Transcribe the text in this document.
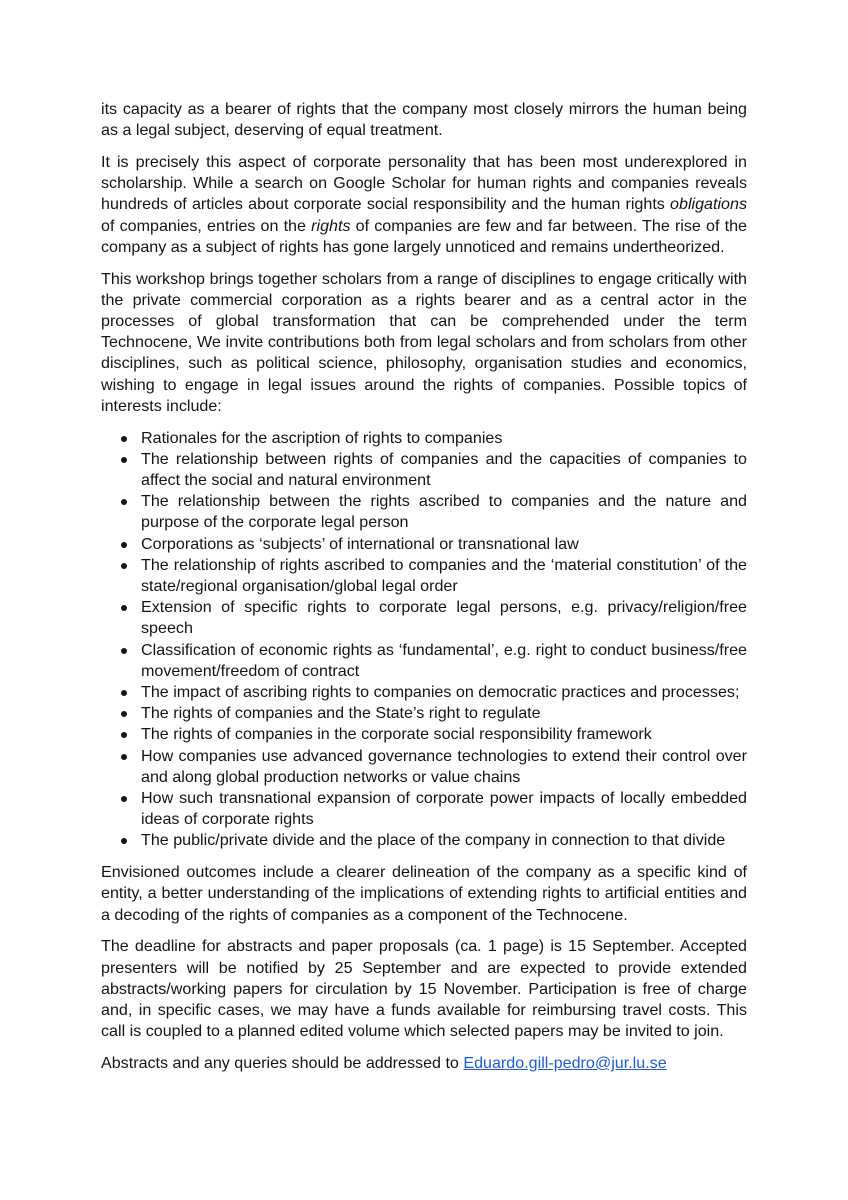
its capacity as a bearer of rights that the company most closely mirrors the human being as a legal subject, deserving of equal treatment.

It is precisely this aspect of corporate personality that has been most underexplored in scholarship. While a search on Google Scholar for human rights and companies reveals hundreds of articles about corporate social responsibility and the human rights obligations of companies, entries on the rights of companies are few and far between. The rise of the company as a subject of rights has gone largely unnoticed and remains undertheorized.

This workshop brings together scholars from a range of disciplines to engage critically with the private commercial corporation as a rights bearer and as a central actor in the processes of global transformation that can be comprehended under the term Technocene, We invite contributions both from legal scholars and from scholars from other disciplines, such as political science, philosophy, organisation studies and economics, wishing to engage in legal issues around the rights of companies. Possible topics of interests include:

Rationales for the ascription of rights to companies
The relationship between rights of companies and the capacities of companies to affect the social and natural environment
The relationship between the rights ascribed to companies and the nature and purpose of the corporate legal person
Corporations as ‘subjects’ of international or transnational law
The relationship of rights ascribed to companies and the ‘material constitution’ of the state/regional organisation/global legal order
Extension of specific rights to corporate legal persons, e.g. privacy/religion/free speech
Classification of economic rights as ‘fundamental’, e.g. right to conduct business/free movement/freedom of contract
The impact of ascribing rights to companies on democratic practices and processes;
The rights of companies and the State’s right to regulate
The rights of companies in the corporate social responsibility framework
How companies use advanced governance technologies to extend their control over and along global production networks or value chains
How such transnational expansion of corporate power impacts of locally embedded ideas of corporate rights
The public/private divide and the place of the company in connection to that divide

Envisioned outcomes include a clearer delineation of the company as a specific kind of entity, a better understanding of the implications of extending rights to artificial entities and a decoding of the rights of companies as a component of the Technocene.

The deadline for abstracts and paper proposals (ca. 1 page) is 15 September. Accepted presenters will be notified by 25 September and are expected to provide extended abstracts/working papers for circulation by 15 November. Participation is free of charge and, in specific cases, we may have a funds available for reimbursing travel costs. This call is coupled to a planned edited volume which selected papers may be invited to join.

Abstracts and any queries should be addressed to Eduardo.gill-pedro@jur.lu.se
